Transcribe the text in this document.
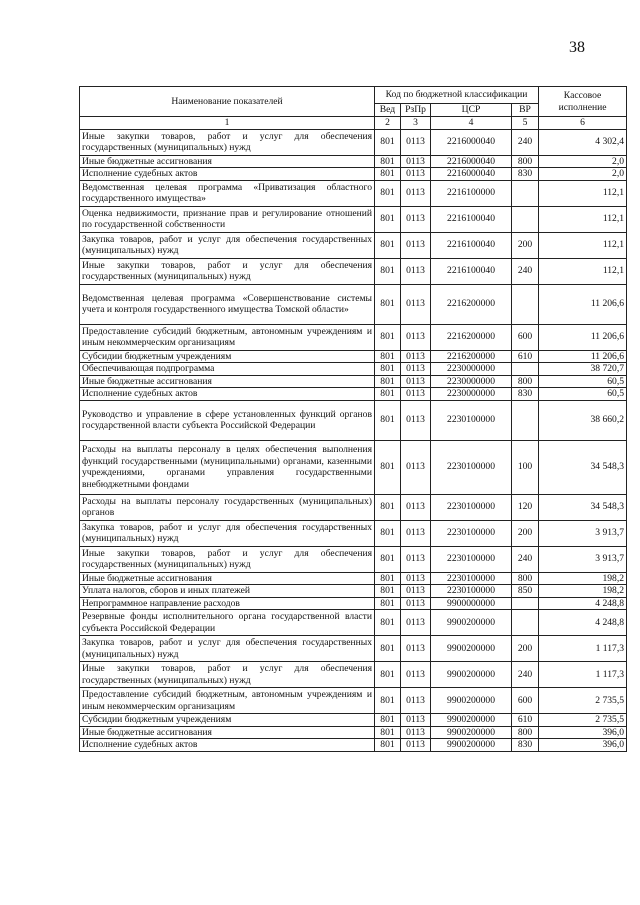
38
Наименование показателей	Код по бюджетной классификации				Кассовое исполнение
	Вед	РзПр	ЦСР	ВР	
1	2	3	4	5	6
Иные закупки товаров, работ и услуг для обеспечения государственных (муниципальных) нужд	801	0113	2216000040	240	4 302,4
Иные бюджетные ассигнования	801	0113	2216000040	800	2,0
Исполнение судебных актов	801	0113	2216000040	830	2,0
Ведомственная целевая программа «Приватизация областного государственного имущества»	801	0113	2216100000		112,1
Оценка недвижимости, признание прав и регулирование отношений по государственной собственности	801	0113	2216100040		112,1
Закупка товаров, работ и услуг для обеспечения государственных (муниципальных) нужд	801	0113	2216100040	200	112,1
Иные закупки товаров, работ и услуг для обеспечения государственных (муниципальных) нужд	801	0113	2216100040	240	112,1
Ведомственная целевая программа «Совершенствование системы учета и контроля государственного имущества Томской области»	801	0113	2216200000		11 206,6
Предоставление субсидий бюджетным, автономным учреждениям и иным некоммерческим организациям	801	0113	2216200000	600	11 206,6
Субсидии бюджетным учреждениям	801	0113	2216200000	610	11 206,6
Обеспечивающая подпрограмма	801	0113	2230000000		38 720,7
Иные бюджетные ассигнования	801	0113	2230000000	800	60,5
Исполнение судебных актов	801	0113	2230000000	830	60,5
Руководство и управление в сфере установленных функций органов государственной власти субъекта Российской Федерации	801	0113	2230100000		38 660,2
Расходы на выплаты персоналу в целях обеспечения выполнения функций государственными (муниципальными) органами, казенными учреждениями, органами управления государственными внебюджетными фондами	801	0113	2230100000	100	34 548,3
Расходы на выплаты персоналу государственных (муниципальных) органов	801	0113	2230100000	120	34 548,3
Закупка товаров, работ и услуг для обеспечения государственных (муниципальных) нужд	801	0113	2230100000	200	3 913,7
Иные закупки товаров, работ и услуг для обеспечения государственных (муниципальных) нужд	801	0113	2230100000	240	3 913,7
Иные бюджетные ассигнования	801	0113	2230100000	800	198,2
Уплата налогов, сборов и иных платежей	801	0113	2230100000	850	198,2
Непрограммное направление расходов	801	0113	9900000000		4 248,8
Резервные фонды исполнительного органа государственной власти субъекта Российской Федерации	801	0113	9900200000		4 248,8
Закупка товаров, работ и услуг для обеспечения государственных (муниципальных) нужд	801	0113	9900200000	200	1 117,3
Иные закупки товаров, работ и услуг для обеспечения государственных (муниципальных) нужд	801	0113	9900200000	240	1 117,3
Предоставление субсидий бюджетным, автономным учреждениям и иным некоммерческим организациям	801	0113	9900200000	600	2 735,5
Субсидии бюджетным учреждениям	801	0113	9900200000	610	2 735,5
Иные бюджетные ассигнования	801	0113	9900200000	800	396,0
Исполнение судебных актов	801	0113	9900200000	830	396,0
